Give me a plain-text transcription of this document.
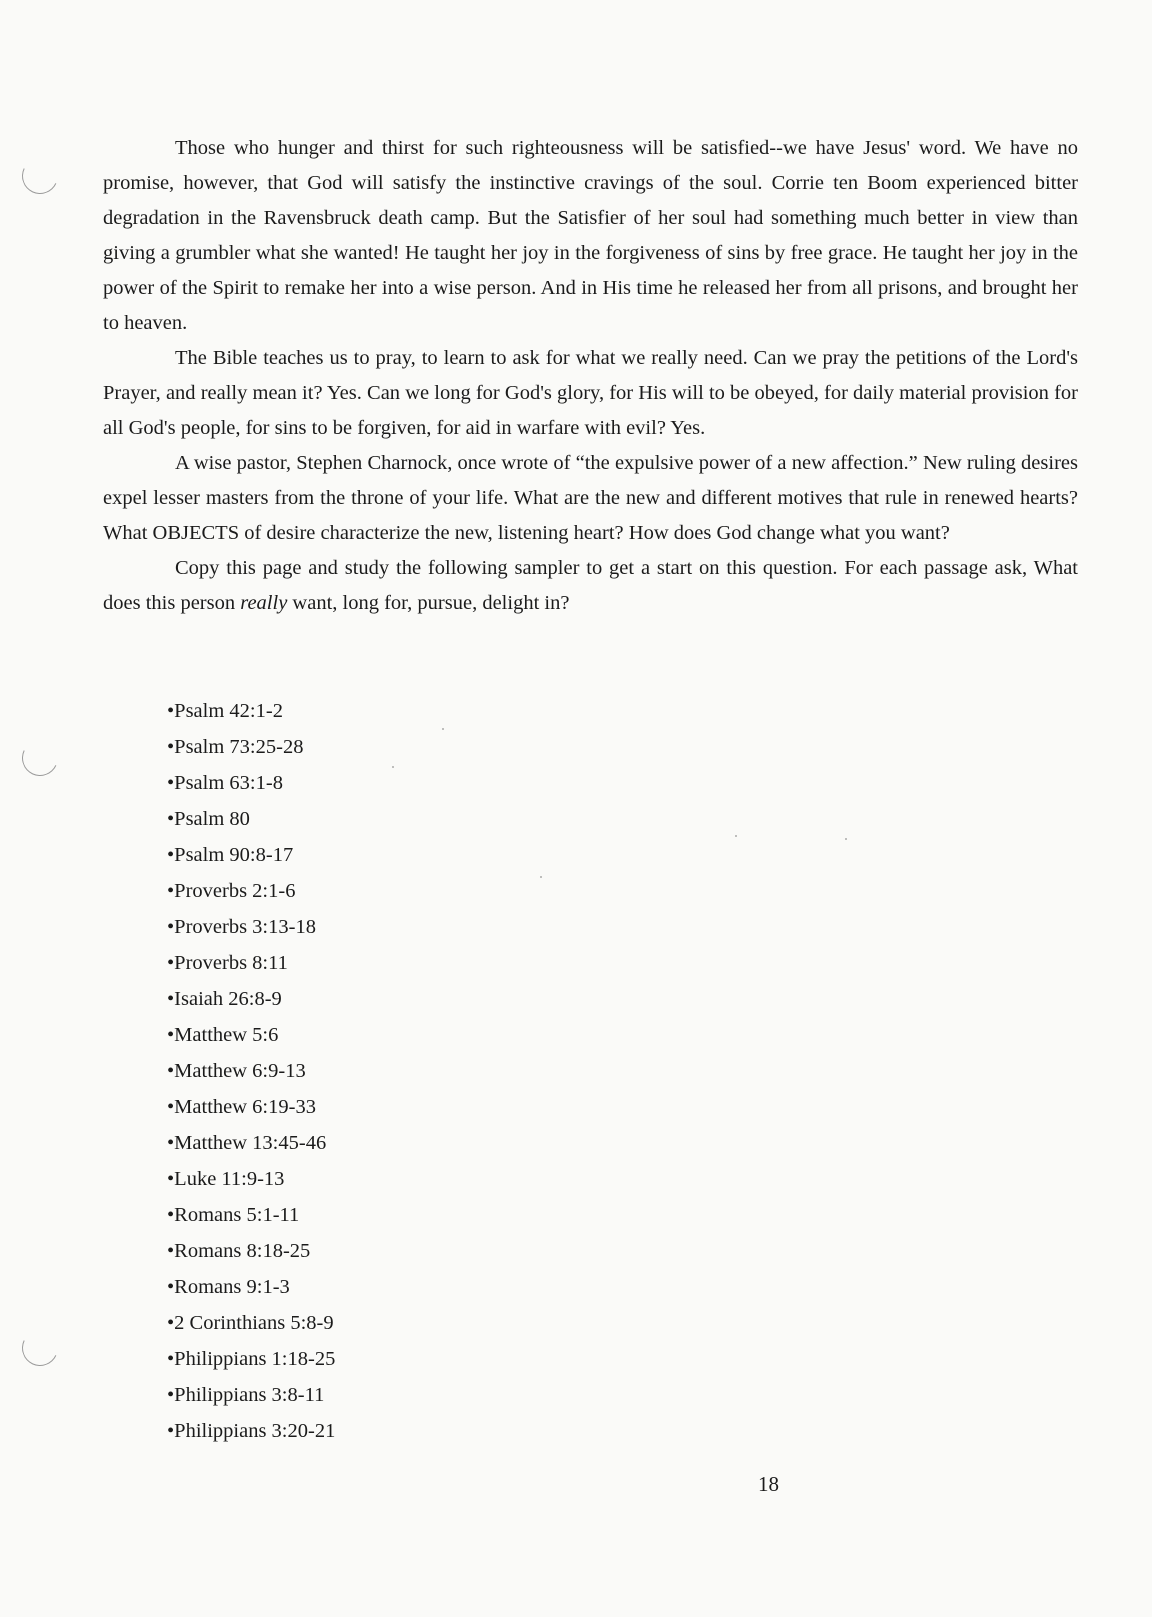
Those who hunger and thirst for such righteousness will be satisfied--we have Jesus' word. We have no promise, however, that God will satisfy the instinctive cravings of the soul. Corrie ten Boom experienced bitter degradation in the Ravensbruck death camp. But the Satisfier of her soul had something much better in view than giving a grumbler what she wanted! He taught her joy in the forgiveness of sins by free grace. He taught her joy in the power of the Spirit to remake her into a wise person. And in His time he released her from all prisons, and brought her to heaven.

The Bible teaches us to pray, to learn to ask for what we really need. Can we pray the petitions of the Lord's Prayer, and really mean it? Yes. Can we long for God's glory, for His will to be obeyed, for daily material provision for all God's people, for sins to be forgiven, for aid in warfare with evil? Yes.

A wise pastor, Stephen Charnock, once wrote of “the expulsive power of a new affection.” New ruling desires expel lesser masters from the throne of your life. What are the new and different motives that rule in renewed hearts? What OBJECTS of desire characterize the new, listening heart? How does God change what you want?

Copy this page and study the following sampler to get a start on this question. For each passage ask, What does this person really want, long for, pursue, delight in?

•Psalm 42:1-2
•Psalm 73:25-28
•Psalm 63:1-8
•Psalm 80
•Psalm 90:8-17
•Proverbs 2:1-6
•Proverbs 3:13-18
•Proverbs 8:11
•Isaiah 26:8-9
•Matthew 5:6
•Matthew 6:9-13
•Matthew 6:19-33
•Matthew 13:45-46
•Luke 11:9-13
•Romans 5:1-11
•Romans 8:18-25
•Romans 9:1-3
•2 Corinthians 5:8-9
•Philippians 1:18-25
•Philippians 3:8-11
•Philippians 3:20-21
18
